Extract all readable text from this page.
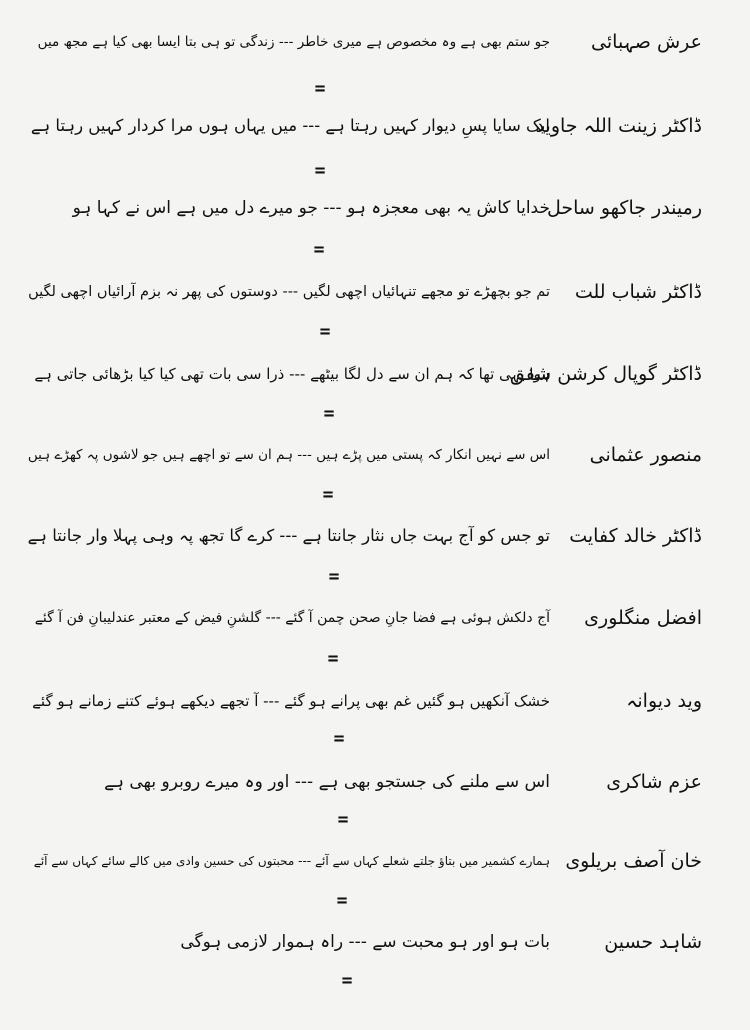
عرش صہبائی
جو ستم بھی ہے وہ مخصوص ہے میری خاطر --- زندگی تو ہی بتا ایسا بھی کیا ہے مجھ میں
=
ڈاکٹر زینت اللہ جاوید
ایک سایا پسِ دیوار کہیں رہتا ہے --- میں یہاں ہوں مرا کردار کہیں رہتا ہے
=
رمیندر جاکھو ساحل
خدایا کاش یہ بھی معجزہ ہو --- جو میرے دل میں ہے اس نے کہا ہو
=
ڈاکٹر شباب للت
تم جو بچھڑے تو مجھے تنہائیاں اچھی لگیں --- دوستوں کی پھر نہ بزم آرائیاں اچھی لگیں
=
ڈاکٹر گوپال کرشن شفق
ہوا یہی تھا کہ ہم ان سے دل لگا بیٹھے --- ذرا سی بات تھی کیا کیا بڑھائی جاتی ہے
=
منصور عثمانی
اس سے نہیں انکار کہ پستی میں پڑے ہیں --- ہم ان سے تو اچھے ہیں جو لاشوں پہ کھڑے ہیں
=
ڈاکٹر خالد کفایت
تو جس کو آج بہت جاں نثار جانتا ہے --- کرے گا تجھ پہ وہی پہلا وار جانتا ہے
=
افضل منگلوری
آج دلکش ہوئی ہے فضا جانِ صحن چمن آ گئے --- گلشنِ فیض کے معتبر عندلیبانِ فن آ گئے
=
وید دیوانہ
خشک آنکھیں ہو گئیں غم بھی پرانے ہو گئے --- آ تجھے دیکھے ہوئے کتنے زمانے ہو گئے
=
عزم شاکری
اس سے ملنے کی جستجو بھی ہے --- اور وہ میرے روبرو بھی ہے
=
خان آصف بریلوی
ہمارے کشمیر میں بتاؤ جلتے شعلے کہاں سے آئے --- محبتوں کی حسین وادی میں کالے سائے کہاں سے آئے
=
شاہد حسین
بات ہو اور ہو محبت سے --- راہ ہموار لازمی ہوگی
=
